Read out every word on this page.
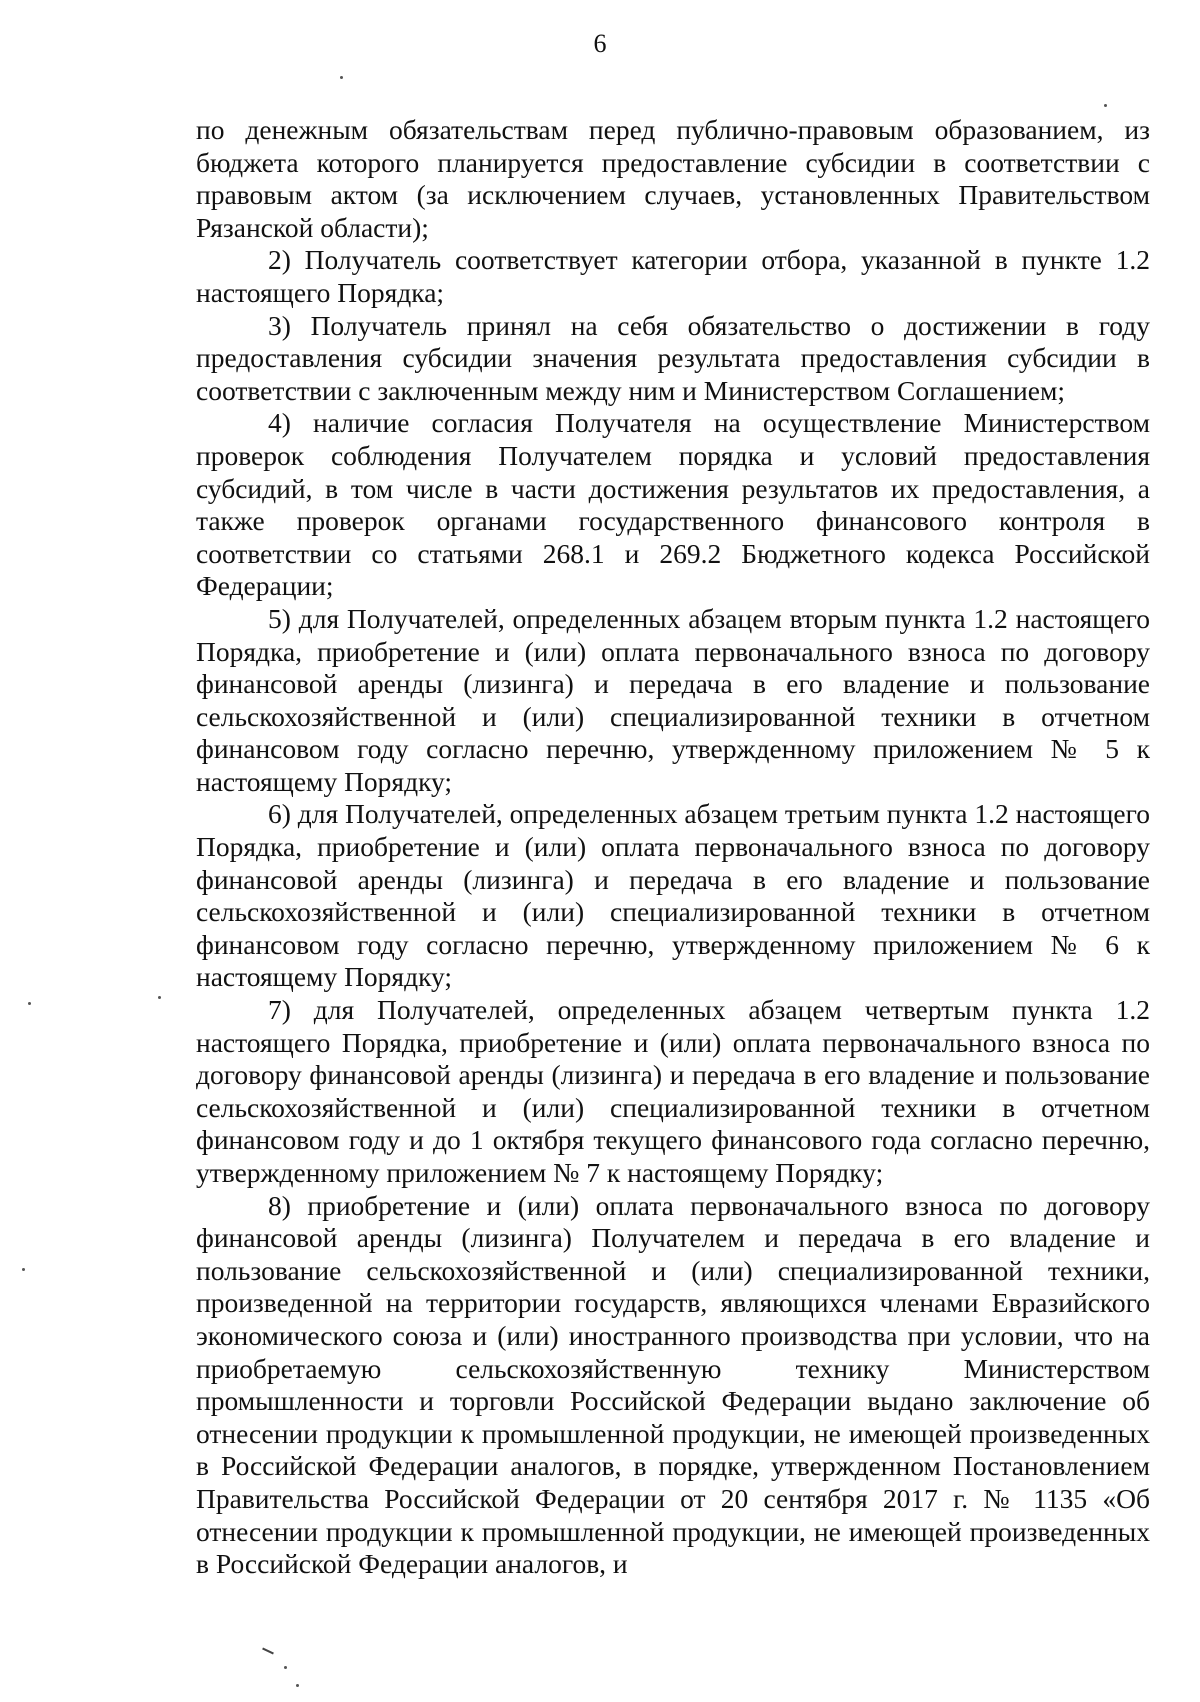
6

по денежным обязательствам перед публично-правовым образованием, из бюджета которого планируется предоставление субсидии в соответствии с правовым актом (за исключением случаев, установленных Правительством Рязанской области);

2) Получатель соответствует категории отбора, указанной в пункте 1.2 настоящего Порядка;

3) Получатель принял на себя обязательство о достижении в году предоставления субсидии значения результата предоставления субсидии в соответствии с заключенным между ним и Министерством Соглашением;

4) наличие согласия Получателя на осуществление Министерством проверок соблюдения Получателем порядка и условий предоставления субсидий, в том числе в части достижения результатов их предоставления, а также проверок органами государственного финансового контроля в соответствии со статьями 268.1 и 269.2 Бюджетного кодекса Российской Федерации;

5) для Получателей, определенных абзацем вторым пункта 1.2 настоящего Порядка, приобретение и (или) оплата первоначального взноса по договору финансовой аренды (лизинга) и передача в его владение и пользование сельскохозяйственной и (или) специализированной техники в отчетном финансовом году согласно перечню, утвержденному приложением № 5 к настоящему Порядку;

6) для Получателей, определенных абзацем третьим пункта 1.2 настоящего Порядка, приобретение и (или) оплата первоначального взноса по договору финансовой аренды (лизинга) и передача в его владение и пользование сельскохозяйственной и (или) специализированной техники в отчетном финансовом году согласно перечню, утвержденному приложением № 6 к настоящему Порядку;

7) для Получателей, определенных абзацем четвертым пункта 1.2 настоящего Порядка, приобретение и (или) оплата первоначального взноса по договору финансовой аренды (лизинга) и передача в его владение и пользование сельскохозяйственной и (или) специализированной техники в отчетном финансовом году и до 1 октября текущего финансового года согласно перечню, утвержденному приложением № 7 к настоящему Порядку;

8) приобретение и (или) оплата первоначального взноса по договору финансовой аренды (лизинга) Получателем и передача в его владение и пользование сельскохозяйственной и (или) специализированной техники, произведенной на территории государств, являющихся членами Евразийского экономического союза и (или) иностранного производства при условии, что на приобретаемую сельскохозяйственную технику Министерством промышленности и торговли Российской Федерации выдано заключение об отнесении продукции к промышленной продукции, не имеющей произведенных в Российской Федерации аналогов, в порядке, утвержденном Постановлением Правительства Российской Федерации от 20 сентября 2017 г. № 1135 «Об отнесении продукции к промышленной продукции, не имеющей произведенных в Российской Федерации аналогов, и
